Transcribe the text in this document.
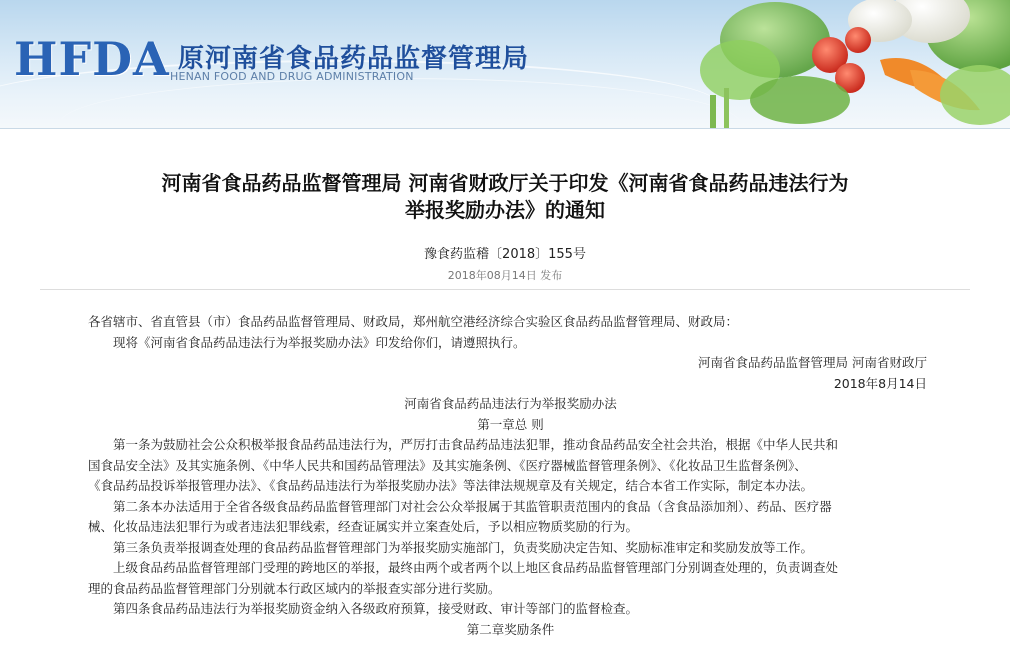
HFDA 原河南省食品药品监督管理局
HENAN FOOD AND DRUG ADMINISTRATION
河南省食品药品监督管理局 河南省财政厅关于印发《河南省食品药品违法行为
举报奖励办法》的通知
豫食药监稽〔2018〕155号
2018年08月14日 发布

各省辖市、省直管县（市）食品药品监督管理局、财政局，郑州航空港经济综合实验区食品药品监督管理局、财政局：

现将《河南省食品药品违法行为举报奖励办法》印发给你们，请遵照执行。

河南省食品药品监督管理局 河南省财政厅

2018年8月14日

河南省食品药品违法行为举报奖励办法

第一章总 则

第一条为鼓励社会公众积极举报食品药品违法行为，严厉打击食品药品违法犯罪，推动食品药品安全社会共治，根据《中华人民共和

国食品安全法》及其实施条例、《中华人民共和国药品管理法》及其实施条例、《医疗器械监督管理条例》、《化妆品卫生监督条例》、

《食品药品投诉举报管理办法》、《食品药品违法行为举报奖励办法》等法律法规规章及有关规定，结合本省工作实际，制定本办法。

第二条本办法适用于全省各级食品药品监督管理部门对社会公众举报属于其监管职责范围内的食品（含食品添加剂）、药品、医疗器

械、化妆品违法犯罪行为或者违法犯罪线索，经查证属实并立案查处后，予以相应物质奖励的行为。

第三条负责举报调查处理的食品药品监督管理部门为举报奖励实施部门，负责奖励决定告知、奖励标准审定和奖励发放等工作。

上级食品药品监督管理部门受理的跨地区的举报，最终由两个或者两个以上地区食品药品监督管理部门分别调查处理的，负责调查处

理的食品药品监督管理部门分别就本行政区域内的举报查实部分进行奖励。

第四条食品药品违法行为举报奖励资金纳入各级政府预算，接受财政、审计等部门的监督检查。

第二章奖励条件
